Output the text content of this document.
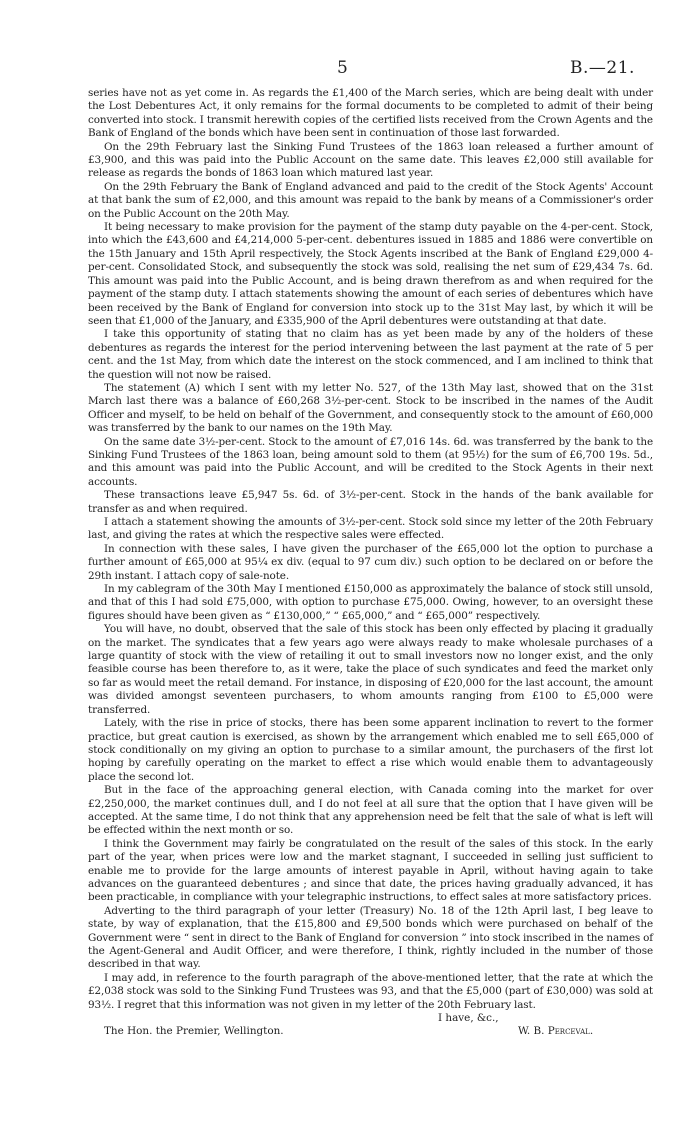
5	B.—21.

series have not as yet come in. As regards the £1,400 of the March series, which are being dealt with under the Lost Debentures Act, it only remains for the formal documents to be completed to admit of their being converted into stock. I transmit herewith copies of the certified lists received from the Crown Agents and the Bank of England of the bonds which have been sent in continuation of those last forwarded.

On the 29th February last the Sinking Fund Trustees of the 1863 loan released a further amount of £3,900, and this was paid into the Public Account on the same date. This leaves £2,000 still available for release as regards the bonds of 1863 loan which matured last year.

On the 29th February the Bank of England advanced and paid to the credit of the Stock Agents' Account at that bank the sum of £2,000, and this amount was repaid to the bank by means of a Commissioner's order on the Public Account on the 20th May.

It being necessary to make provision for the payment of the stamp duty payable on the 4-per-cent. Stock, into which the £43,600 and £4,214,000 5-per-cent. debentures issued in 1885 and 1886 were convertible on the 15th January and 15th April respectively, the Stock Agents inscribed at the Bank of England £29,000 4-per-cent. Consolidated Stock, and subsequently the stock was sold, realising the net sum of £29,434 7s. 6d. This amount was paid into the Public Account, and is being drawn therefrom as and when required for the payment of the stamp duty. I attach statements showing the amount of each series of debentures which have been received by the Bank of England for conversion into stock up to the 31st May last, by which it will be seen that £1,000 of the January, and £335,900 of the April debentures were outstanding at that date.

I take this opportunity of stating that no claim has as yet been made by any of the holders of these debentures as regards the interest for the period intervening between the last payment at the rate of 5 per cent. and the 1st May, from which date the interest on the stock commenced, and I am inclined to think that the question will not now be raised.

The statement (A) which I sent with my letter No. 527, of the 13th May last, showed that on the 31st March last there was a balance of £60,268 3½-per-cent. Stock to be inscribed in the names of the Audit Officer and myself, to be held on behalf of the Government, and consequently stock to the amount of £60,000 was transferred by the bank to our names on the 19th May.

On the same date 3½-per-cent. Stock to the amount of £7,016 14s. 6d. was transferred by the bank to the Sinking Fund Trustees of the 1863 loan, being amount sold to them (at 95½) for the sum of £6,700 19s. 5d., and this amount was paid into the Public Account, and will be credited to the Stock Agents in their next accounts.

These transactions leave £5,947 5s. 6d. of 3½-per-cent. Stock in the hands of the bank available for transfer as and when required.

I attach a statement showing the amounts of 3½-per-cent. Stock sold since my letter of the 20th February last, and giving the rates at which the respective sales were effected.

In connection with these sales, I have given the purchaser of the £65,000 lot the option to purchase a further amount of £65,000 at 95¼ ex div. (equal to 97 cum div.) such option to be declared on or before the 29th instant. I attach copy of sale-note.

In my cablegram of the 30th May I mentioned £150,000 as approximately the balance of stock still unsold, and that of this I had sold £75,000, with option to purchase £75,000. Owing, however, to an oversight these figures should have been given as “ £130,000,” “ £65,000,” and “ £65,000” respectively.

You will have, no doubt, observed that the sale of this stock has been only effected by placing it gradually on the market. The syndicates that a few years ago were always ready to make wholesale purchases of a large quantity of stock with the view of retailing it out to small investors now no longer exist, and the only feasible course has been therefore to, as it were, take the place of such syndicates and feed the market only so far as would meet the retail demand. For instance, in disposing of £20,000 for the last account, the amount was divided amongst seventeen purchasers, to whom amounts ranging from £100 to £5,000 were transferred.

Lately, with the rise in price of stocks, there has been some apparent inclination to revert to the former practice, but great caution is exercised, as shown by the arrangement which enabled me to sell £65,000 of stock conditionally on my giving an option to purchase to a similar amount, the purchasers of the first lot hoping by carefully operating on the market to effect a rise which would enable them to advantageously place the second lot.

But in the face of the approaching general election, with Canada coming into the market for over £2,250,000, the market continues dull, and I do not feel at all sure that the option that I have given will be accepted. At the same time, I do not think that any apprehension need be felt that the sale of what is left will be effected within the next month or so.

I think the Government may fairly be congratulated on the result of the sales of this stock. In the early part of the year, when prices were low and the market stagnant, I succeeded in selling just sufficient to enable me to provide for the large amounts of interest payable in April, without having again to take advances on the guaranteed debentures ; and since that date, the prices having gradually advanced, it has been practicable, in compliance with your telegraphic instructions, to effect sales at more satisfactory prices.

Adverting to the third paragraph of your letter (Treasury) No. 18 of the 12th April last, I beg leave to state, by way of explanation, that the £15,800 and £9,500 bonds which were purchased on behalf of the Government were “ sent in direct to the Bank of England for conversion ” into stock inscribed in the names of the Agent-General and Audit Officer, and were therefore, I think, rightly included in the number of those described in that way.

I may add, in reference to the fourth paragraph of the above-mentioned letter, that the rate at which the £2,038 stock was sold to the Sinking Fund Trustees was 93, and that the £5,000 (part of £30,000) was sold at 93½. I regret that this information was not given in my letter of the 20th February last.

I have, &c.,
The Hon. the Premier, Wellington.	W. B. Perceval.
